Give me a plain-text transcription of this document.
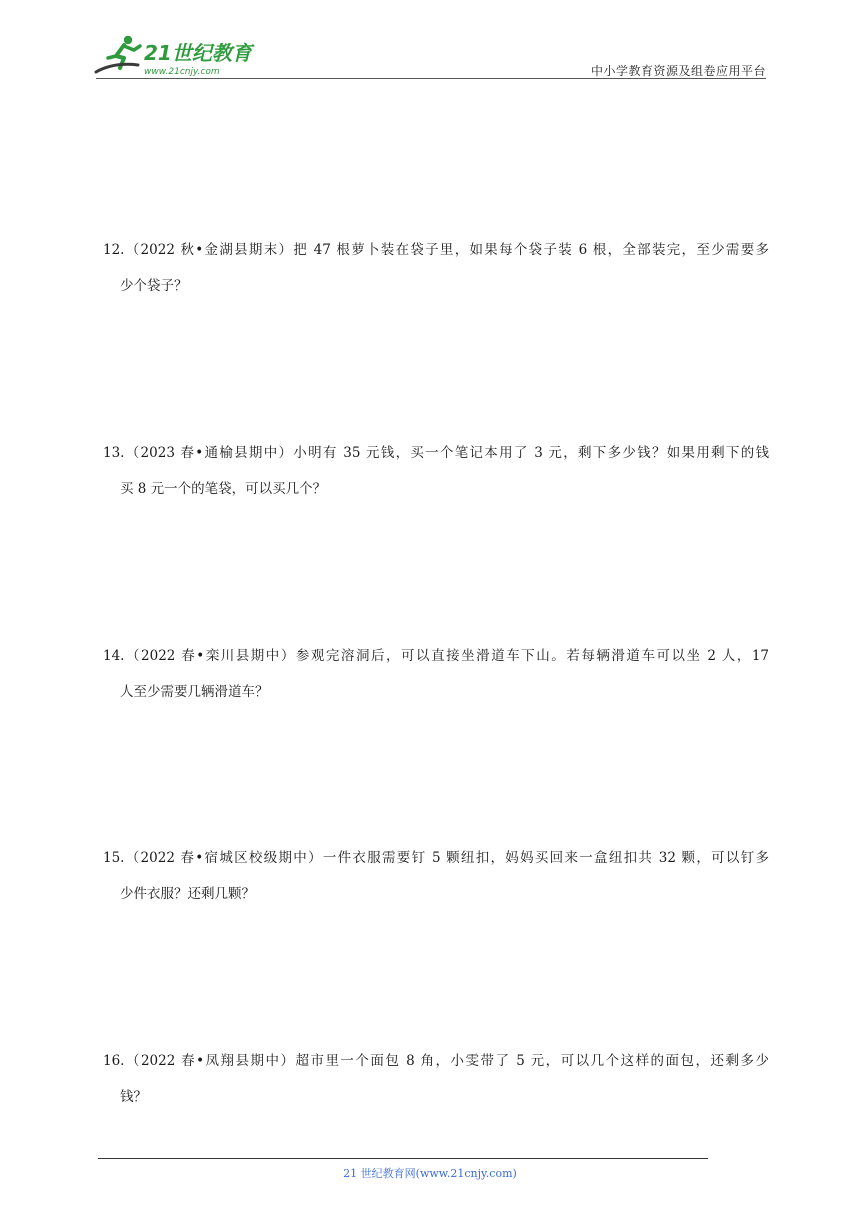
21世纪教育
www.21cnjy.com	中小学教育资源及组卷应用平台
12.（2022 秋•金湖县期末）把 47 根萝卜装在袋子里，如果每个袋子装 6 根，全部装完，至少需要多
少个袋子？
13.（2023 春•通榆县期中）小明有 35 元钱，买一个笔记本用了 3 元，剩下多少钱？如果用剩下的钱
买 8 元一个的笔袋，可以买几个？
14.（2022 春•栾川县期中）参观完溶洞后，可以直接坐滑道车下山。若每辆滑道车可以坐 2 人，17
人至少需要几辆滑道车？
15.（2022 春•宿城区校级期中）一件衣服需要钉 5 颗纽扣，妈妈买回来一盒纽扣共 32 颗，可以钉多
少件衣服？还剩几颗？
16.（2022 春•凤翔县期中）超市里一个面包 8 角，小雯带了 5 元，可以几个这样的面包，还剩多少
钱？
21 世纪教育网(www.21cnjy.com)
